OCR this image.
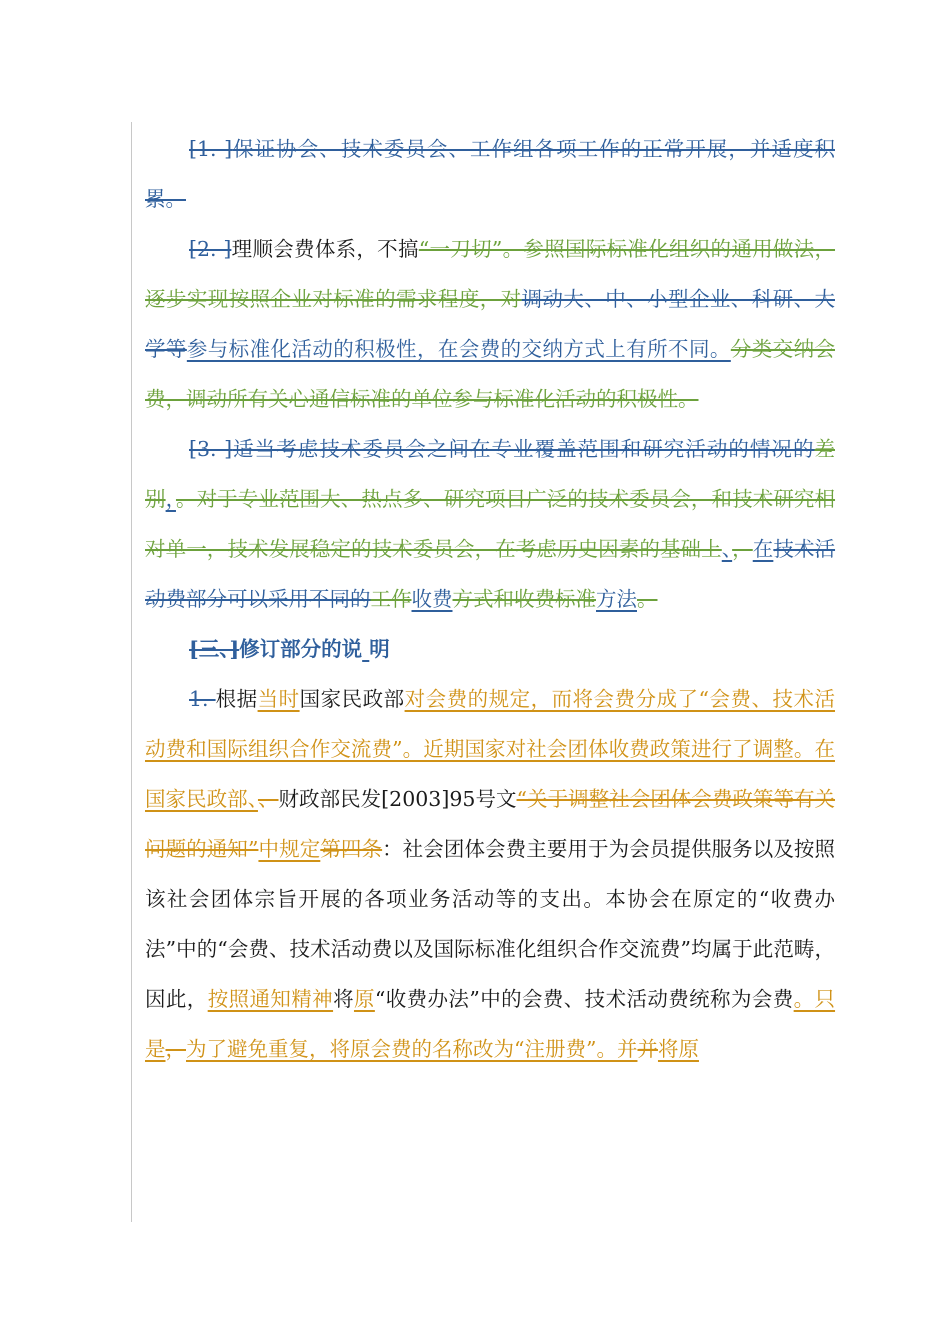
[1. ]保证协会、技术委员会、工作组各项工作的正常开展，并适度积累。

[2. ]理顺会费体系，不搞“一刀切”。参照国际标准化组织的通用做法，逐步实现按照企业对标准的需求程度，对调动大、中、小型企业、科研、大学等参与标准化活动的积极性，在会费的交纳方式上有所不同。分类交纳会费，调动所有关心通信标准的单位参与标准化活动的积极性。

[3. ]适当考虑技术委员会之间在专业覆盖范围和研究活动的情况的差别，。对于专业范围大、热点多、研究项目广泛的技术委员会，和技术研究相对单一，技术发展稳定的技术委员会，在考虑历史因素的基础上、，在技术活动费部分可以采用不同的工作收费方式和收费标准方法。

[三、]修订部分的说 明

1. 根据当时国家民政部对会费的规定，而将会费分成了“会费、技术活动费和国际组织合作交流费”。近期国家对社会团体收费政策进行了调整。在国家民政部、、财政部民发[2003]95号文“关于调整社会团体会费政策等有关问题的通知”中规定第四条：社会团体会费主要用于为会员提供服务以及按照该社会团体宗旨开展的各项业务活动等的支出。本协会在原定的“收费办法”中的“会费、技术活动费以及国际标准化组织合作交流费”均属于此范畴，因此，按照通知精神将原“收费办法”中的会费、技术活动费统称为会费。只是，为了避免重复，将原会费的名称改为“注册费”。并并将原
